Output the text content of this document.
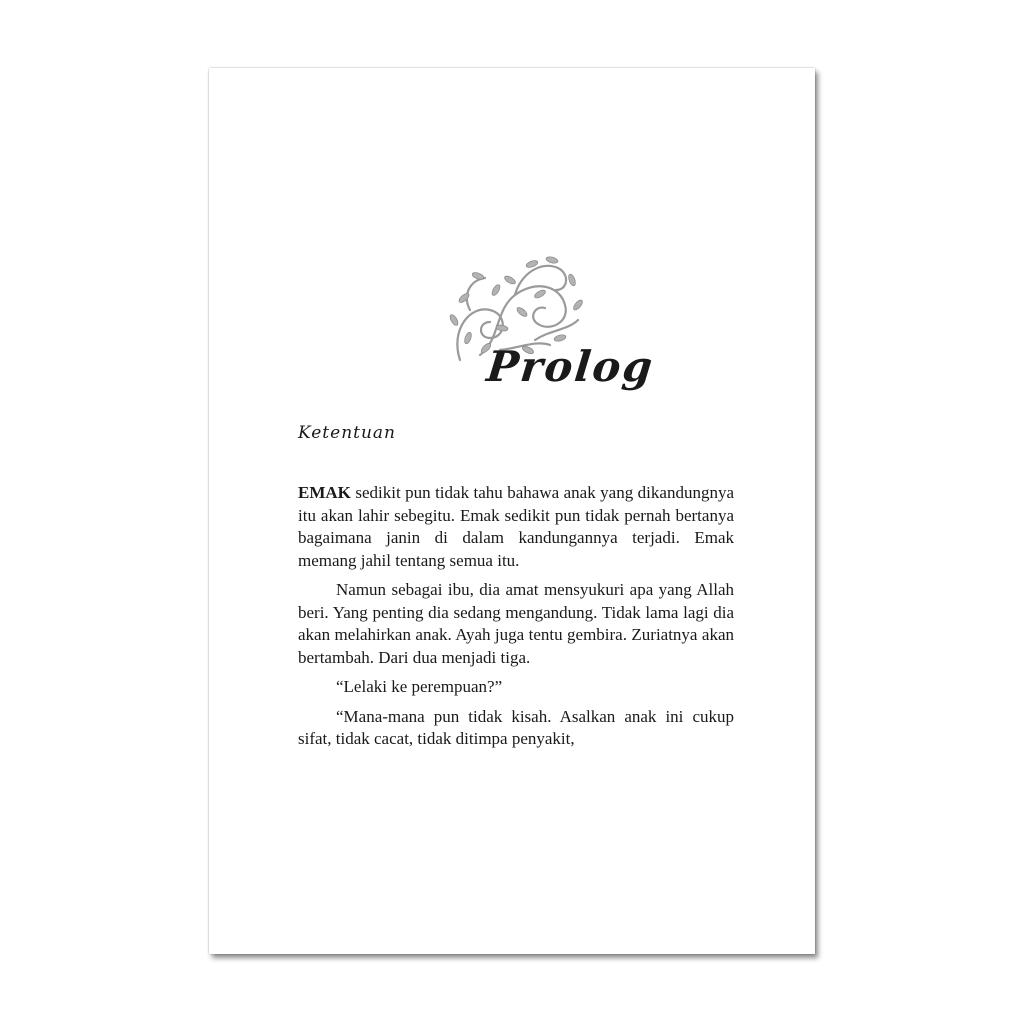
Prolog
Ketentuan

EMAK sedikit pun tidak tahu bahawa anak yang dikandungnya itu akan lahir sebegitu. Emak sedikit pun tidak pernah bertanya bagaimana janin di dalam kandungannya terjadi. Emak memang jahil tentang semua itu.

Namun sebagai ibu, dia amat mensyukuri apa yang Allah beri. Yang penting dia sedang mengandung. Tidak lama lagi dia akan melahirkan anak. Ayah juga tentu gembira. Zuriatnya akan bertambah. Dari dua menjadi tiga.

“Lelaki ke perempuan?”

“Mana-mana pun tidak kisah. Asalkan anak ini cukup sifat, tidak cacat, tidak ditimpa penyakit,
